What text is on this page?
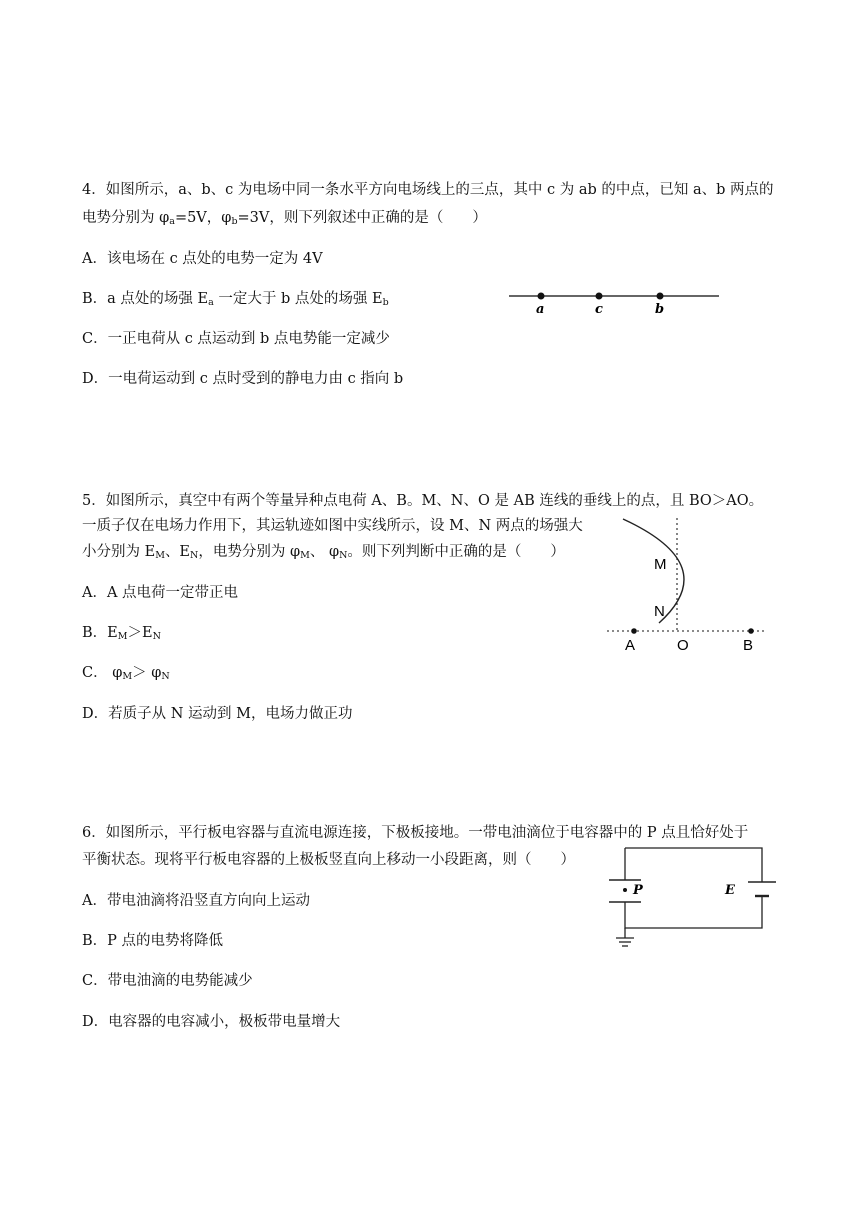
4．如图所示，a、b、c 为电场中同一条水平方向电场线上的三点，其中 c 为 ab 的中点，已知 a、b 两点的
电势分别为 $\varphi_a=5V$，$\varphi_b=3V$，则下列叙述中正确的是（　　）
A．该电场在 c 点处的电势一定为 4V
B．a 点处的场强 $E_a$ 一定大于 b 点处的场强 $E_b$
C．一正电荷从 c 点运动到 b 点电势能一定减少
D．一电荷运动到 c 点时受到的静电力由 c 指向 b
a	c	b
5．如图所示，真空中有两个等量异种点电荷 A、B。M、N、O 是 AB 连线的垂线上的点，且 BO＞AO。
一质子仅在电场力作用下，其运轨迹如图中实线所示，设 M、N 两点的场强大
小分别为 $E_M$、$E_N$，电势分别为 $\varphi_M$、 $\varphi_N$。则下列判断中正确的是（　　）
A．A 点电荷一定带正电
B．$E_M>E_N$
C． $\varphi_M> \varphi_N$
D．若质子从 N 运动到 M，电场力做正功
M
N
A	O	B
6．如图所示，平行板电容器与直流电源连接，下极板接地。一带电油滴位于电容器中的 P 点且恰好处于
平衡状态。现将平行板电容器的上极板竖直向上移动一小段距离，则（　　）
A．带电油滴将沿竖直方向向上运动
B．P 点的电势将降低
C．带电油滴的电势能减少
D．电容器的电容减小，极板带电量增大
P	E
